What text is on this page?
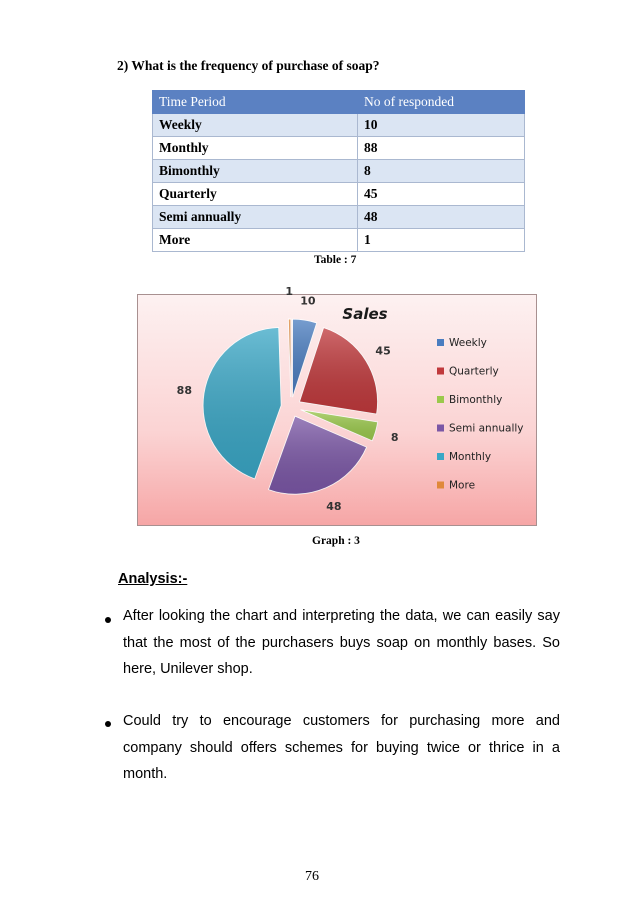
2) What is the frequency of purchase of soap?
Time Period	No of responded
Weekly	10
Monthly	88
Bimonthly	8
Quarterly	45
Semi annually	48
More	1
Table : 7
Sales
10
45
8
48
88
1
Weekly
Quarterly
Bimonthly
Semi annually
Monthly
More
Graph : 3
Analysis:-
After looking the chart and interpreting the data, we can easily say that the most of the purchasers buys soap on monthly bases. So here, Unilever shop.
Could try to encourage customers for purchasing more and company should offers schemes for buying twice or thrice in a month.
76
